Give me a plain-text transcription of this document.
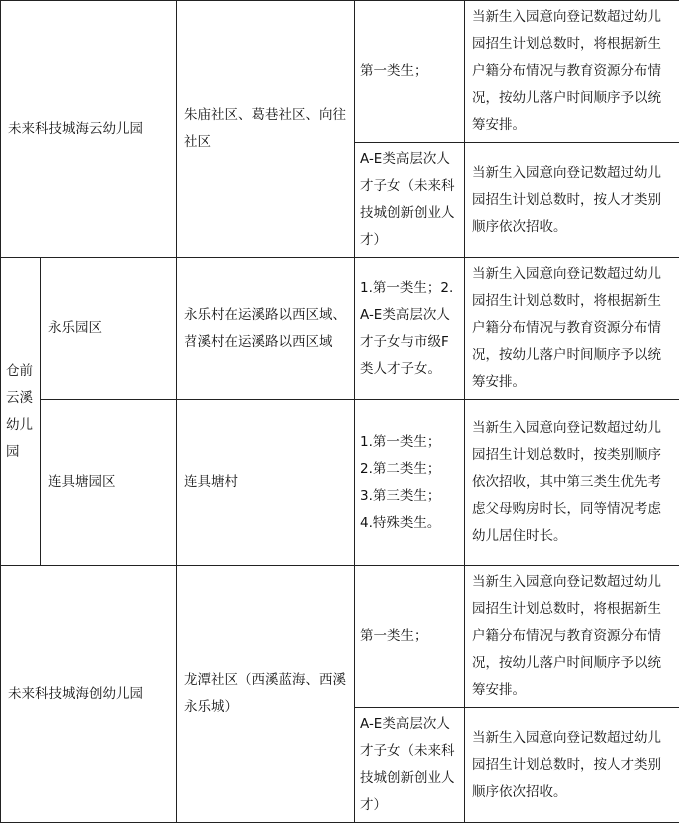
未来科技城海云幼儿园		朱庙社区、葛巷社区、向往社区	第一类生；	当新生入园意向登记数超过幼儿园招生计划总数时，将根据新生户籍分布情况与教育资源分布情况，按幼儿落户时间顺序予以统筹安排。
			A-E类高层次人才子女（未来科技城创新创业人才）	当新生入园意向登记数超过幼儿园招生计划总数时，按人才类别顺序依次招收。
仓前云溪幼儿园	永乐园区	永乐村在运溪路以西区域、苕溪村在运溪路以西区域	1.第一类生；2.A-E类高层次人才子女与市级F类人才子女。	当新生入园意向登记数超过幼儿园招生计划总数时，将根据新生户籍分布情况与教育资源分布情况，按幼儿落户时间顺序予以统筹安排。
	连具塘园区	连具塘村	1.第一类生；
2.第二类生；
3.第三类生；
4.特殊类生。	当新生入园意向登记数超过幼儿园招生计划总数时，按类别顺序依次招收，其中第三类生优先考虑父母购房时长，同等情况考虑幼儿居住时长。
未来科技城海创幼儿园		龙潭社区（西溪蓝海、西溪永乐城）	第一类生；	当新生入园意向登记数超过幼儿园招生计划总数时，将根据新生户籍分布情况与教育资源分布情况，按幼儿落户时间顺序予以统筹安排。
			A-E类高层次人才子女（未来科技城创新创业人才）	当新生入园意向登记数超过幼儿园招生计划总数时，按人才类别顺序依次招收。
